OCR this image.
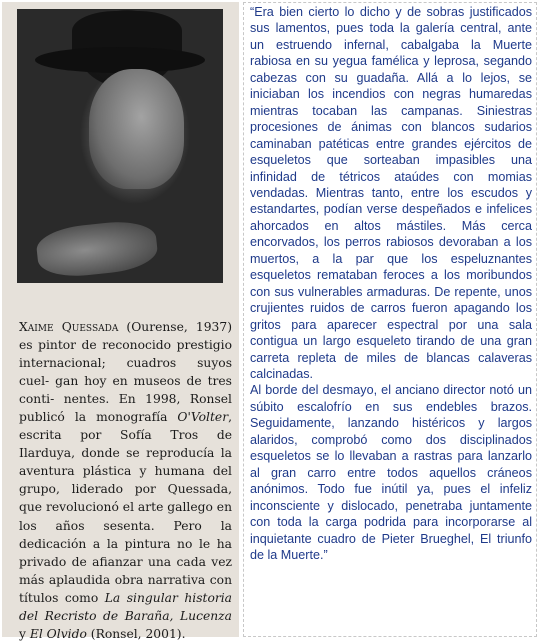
Xaime Quessada (Ourense, 1937) es pintor de reconocido prestigio internacional; cuadros suyos cuel- gan hoy en museos de tres conti- nentes. En 1998, Ronsel publicó la monografía O'Volter, escrita por Sofía Tros de Ilarduya, donde se reproducía la aventura plástica y humana del grupo, liderado por Quessada, que revolucionó el arte gallego en los años sesenta. Pero la dedicación a la pintura no le ha privado de afianzar una cada vez más aplaudida obra narrativa con títulos como La singular historia del Recristo de Baraña, Lucenza y El Olvido (Ronsel, 2001).

“Era bien cierto lo dicho y de sobras justificados sus lamentos, pues toda la galería central, ante un estruendo infernal, cabalgaba la Muerte rabiosa en su yegua famélica y leprosa, segando cabezas con su guadaña. Allá a lo lejos, se iniciaban los incendios con negras humaredas mientras tocaban las campanas. Siniestras procesiones de ánimas con blancos sudarios caminaban patéticas entre grandes ejércitos de esqueletos que sorteaban impasibles una infinidad de tétricos ataúdes con momias vendadas. Mientras tanto, entre los escudos y estandartes, podían verse despeñados e infelices ahorcados en altos mástiles. Más cerca encorvados, los perros rabiosos devoraban a los muertos, a la par que los espeluznantes esqueletos remataban feroces a los moribundos con sus vulnerables armaduras. De repente, unos crujientes ruidos de carros fueron apagando los gritos para aparecer espectral por una sala contigua un largo esqueleto tirando de una gran carreta repleta de miles de blancas calaveras calcinadas.

Al borde del desmayo, el anciano director notó un súbito escalofrío en sus endebles brazos. Seguidamente, lanzando histéricos y largos alaridos, comprobó como dos disciplinados esqueletos se lo llevaban a rastras para lanzarlo al gran carro entre todos aquellos cráneos anónimos. Todo fue inútil ya, pues el infeliz inconsciente y dislocado, penetraba juntamente con toda la carga podrida para incorporarse al inquietante cuadro de Pieter Brueghel, El triunfo de la Muerte.”
